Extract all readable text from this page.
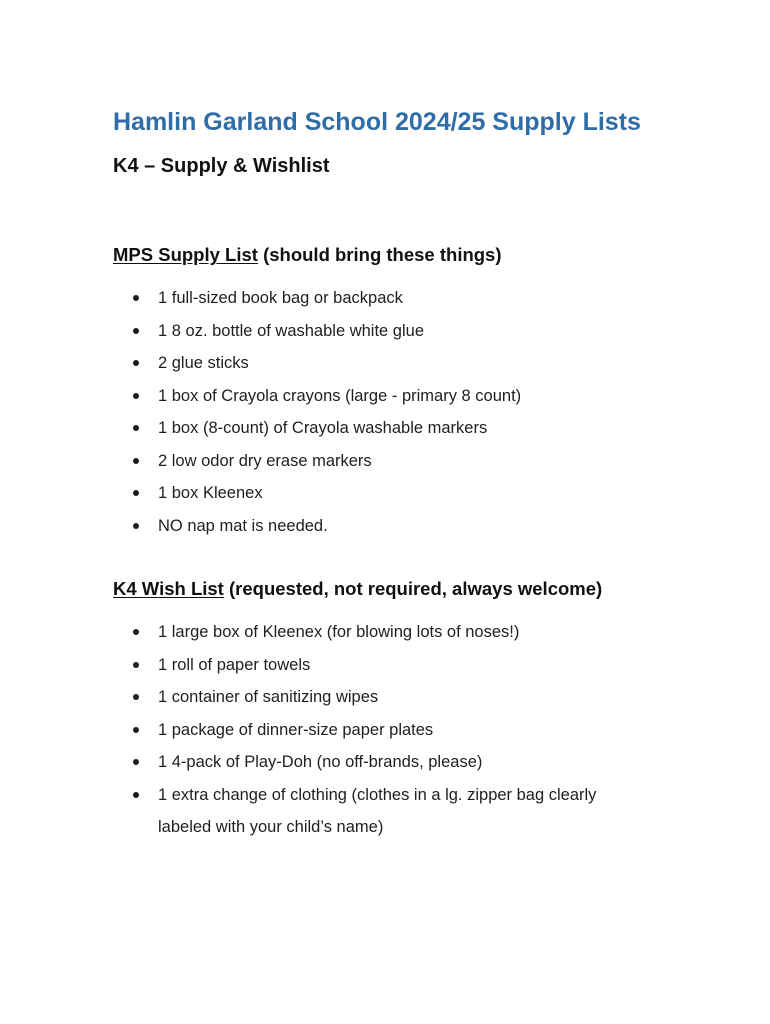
Hamlin Garland School 2024/25 Supply Lists
K4 – Supply & Wishlist
MPS Supply List (should bring these things)
1 full-sized book bag or backpack
1 8 oz. bottle of washable white glue
2 glue sticks
1 box of Crayola crayons (large - primary 8 count)
1 box (8-count) of Crayola washable markers
2 low odor dry erase markers
1 box Kleenex
NO nap mat is needed.
K4 Wish List (requested, not required, always welcome)
1 large box of Kleenex (for blowing lots of noses!)
1 roll of paper towels
1 container of sanitizing wipes
1 package of dinner-size paper plates
1 4-pack of Play-Doh (no off-brands, please)
1 extra change of clothing (clothes in a lg. zipper bag clearly labeled with your child’s name)
